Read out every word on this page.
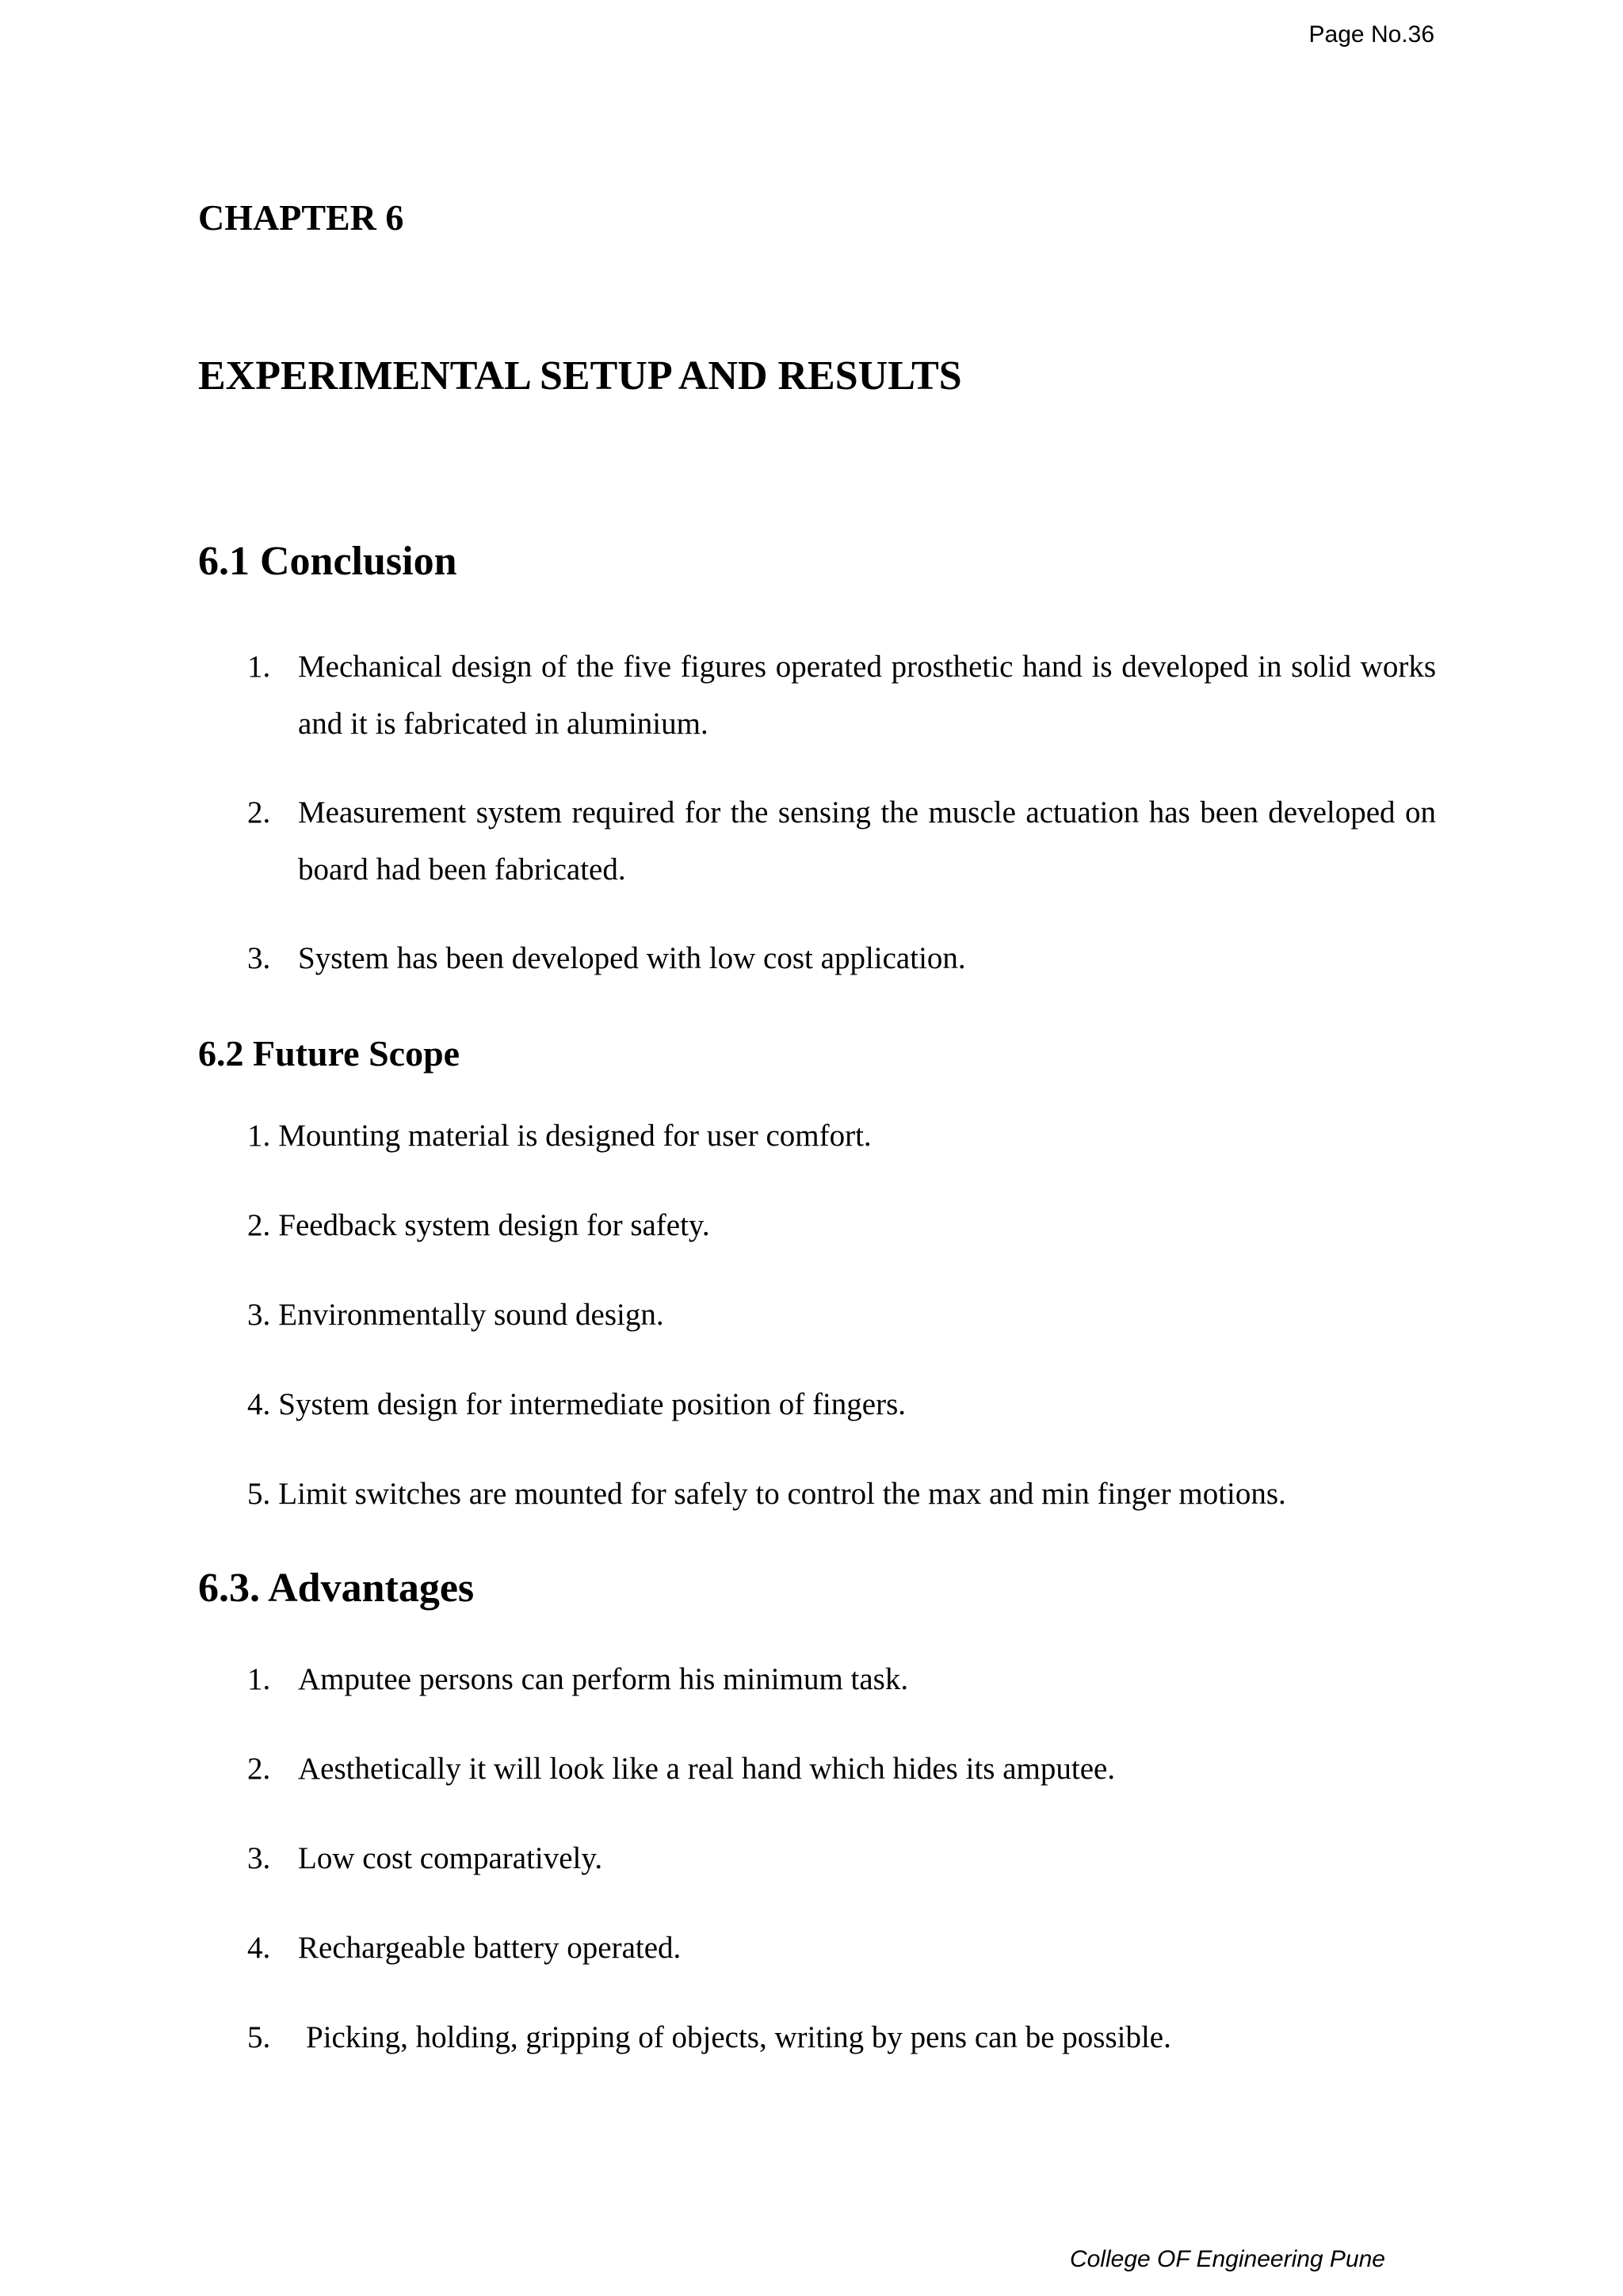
Page No.36
CHAPTER 6
EXPERIMENTAL SETUP AND RESULTS
6.1 Conclusion
1. Mechanical design of the five figures operated prosthetic hand is developed in solid works and it is fabricated in aluminium.
2. Measurement system required for the sensing the muscle actuation has been developed on board had been fabricated.
3. System has been developed with low cost application.
6.2 Future Scope
1. Mounting material is designed for user comfort.
2. Feedback system design for safety.
3. Environmentally sound design.
4. System design for intermediate position of fingers.
5. Limit switches are mounted for safely to control the max and min finger motions.
6.3. Advantages
1. Amputee persons can perform his minimum task.
2. Aesthetically it will look like a real hand which hides its amputee.
3. Low cost comparatively.
4. Rechargeable battery operated.
5.	Picking, holding, gripping of objects, writing by pens can be possible.
College OF Engineering Pune
